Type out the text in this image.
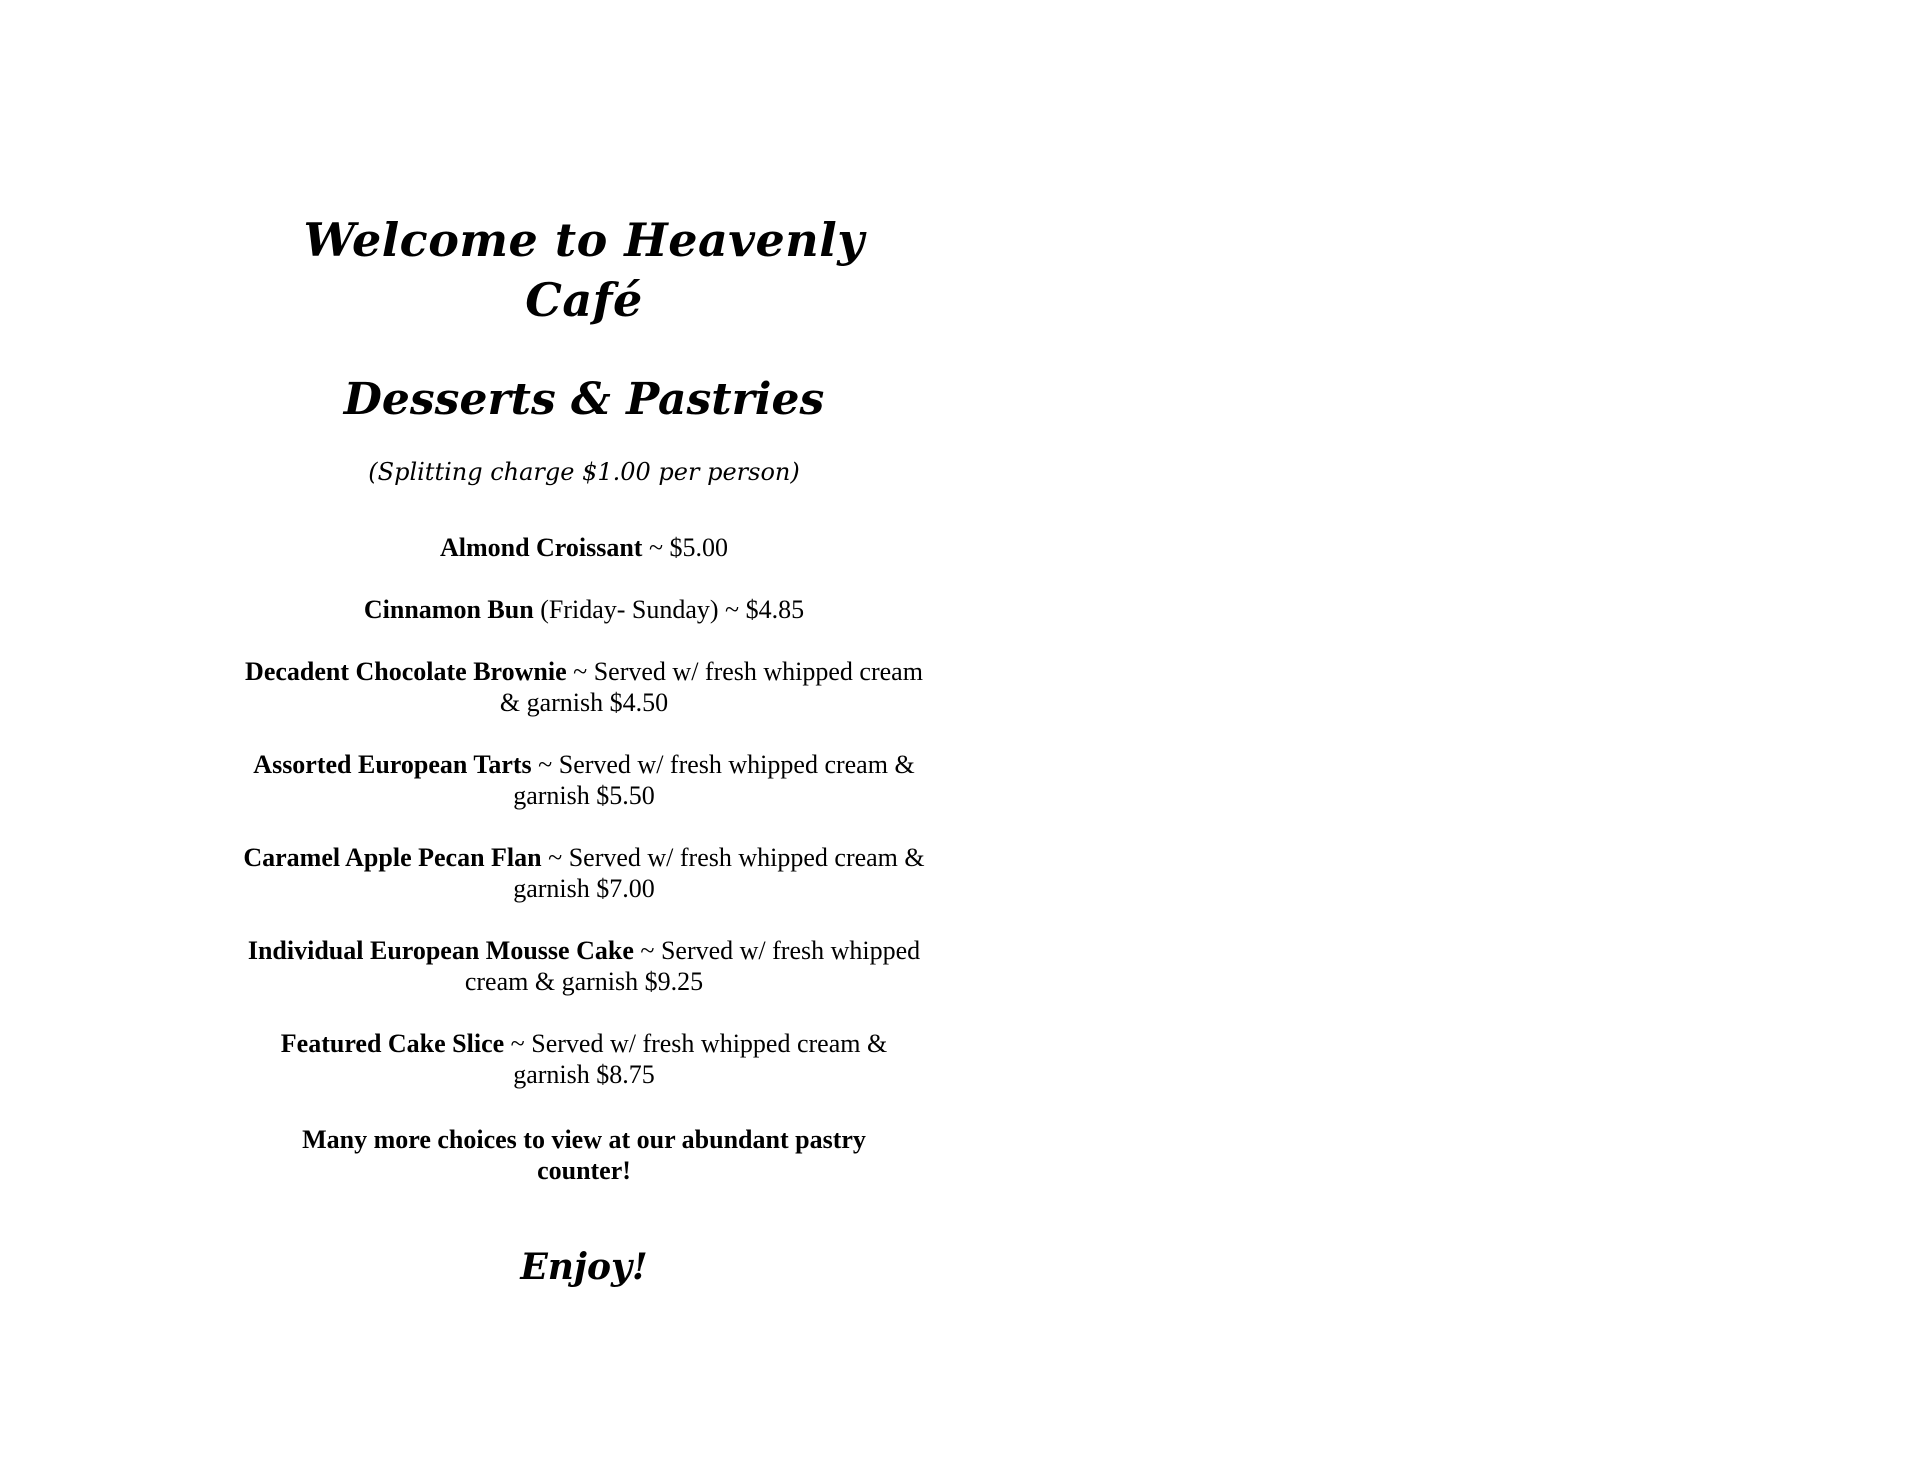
Welcome to Heavenly Café
Desserts & Pastries

(Splitting charge $1.00 per person)

Almond Croissant ~ $5.00
Cinnamon Bun (Friday- Sunday) ~ $4.85
Decadent Chocolate Brownie ~ Served w/ fresh whipped cream & garnish $4.50
Assorted European Tarts ~ Served w/ fresh whipped cream & garnish $5.50
Caramel Apple Pecan Flan ~ Served w/ fresh whipped cream & garnish $7.00
Individual European Mousse Cake ~ Served w/ fresh whipped cream & garnish $9.25
Featured Cake Slice ~ Served w/ fresh whipped cream & garnish $8.75

Many more choices to view at our abundant pastry counter!

Enjoy!
